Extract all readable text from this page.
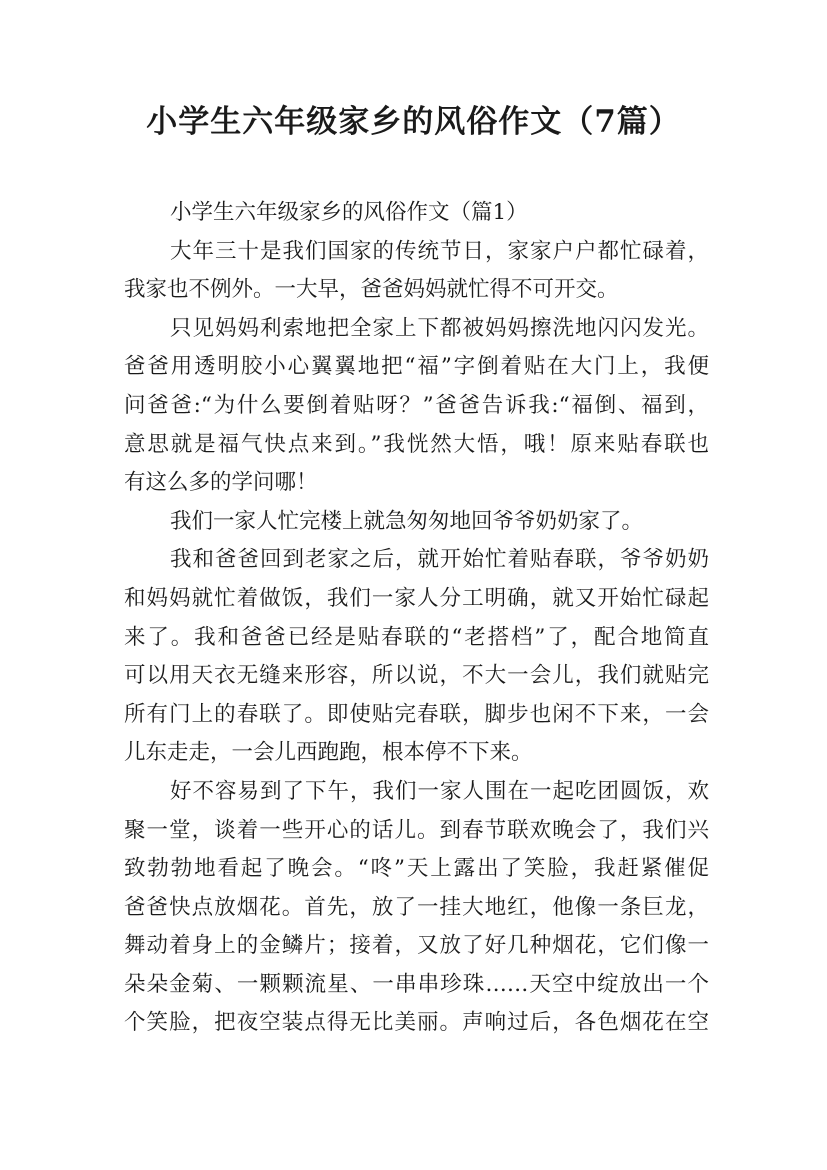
小学生六年级家乡的风俗作文（7篇）

小学生六年级家乡的风俗作文（篇1）

大年三十是我们国家的传统节日，家家户户都忙碌着，
我家也不例外。一大早，爸爸妈妈就忙得不可开交。

只见妈妈利索地把全家上下都被妈妈擦洗地闪闪发光。
爸爸用透明胶小心翼翼地把“福”字倒着贴在大门上，我便
问爸爸:“为什么要倒着贴呀？”爸爸告诉我:“福倒、福到，
意思就是福气快点来到。”我恍然大悟，哦！原来贴春联也
有这么多的学问哪！

我们一家人忙完楼上就急匆匆地回爷爷奶奶家了。

我和爸爸回到老家之后，就开始忙着贴春联，爷爷奶奶
和妈妈就忙着做饭，我们一家人分工明确，就又开始忙碌起
来了。我和爸爸已经是贴春联的“老搭档”了，配合地简直
可以用天衣无缝来形容，所以说，不大一会儿，我们就贴完
所有门上的春联了。即使贴完春联，脚步也闲不下来，一会
儿东走走，一会儿西跑跑，根本停不下来。

好不容易到了下午，我们一家人围在一起吃团圆饭，欢
聚一堂，谈着一些开心的话儿。到春节联欢晚会了，我们兴
致勃勃地看起了晚会。“咚”天上露出了笑脸，我赶紧催促
爸爸快点放烟花。首先，放了一挂大地红，他像一条巨龙，
舞动着身上的金鳞片；接着，又放了好几种烟花，它们像一
朵朵金菊、一颗颗流星、一串串珍珠……天空中绽放出一个
个笑脸，把夜空装点得无比美丽。声响过后，各色烟花在空
